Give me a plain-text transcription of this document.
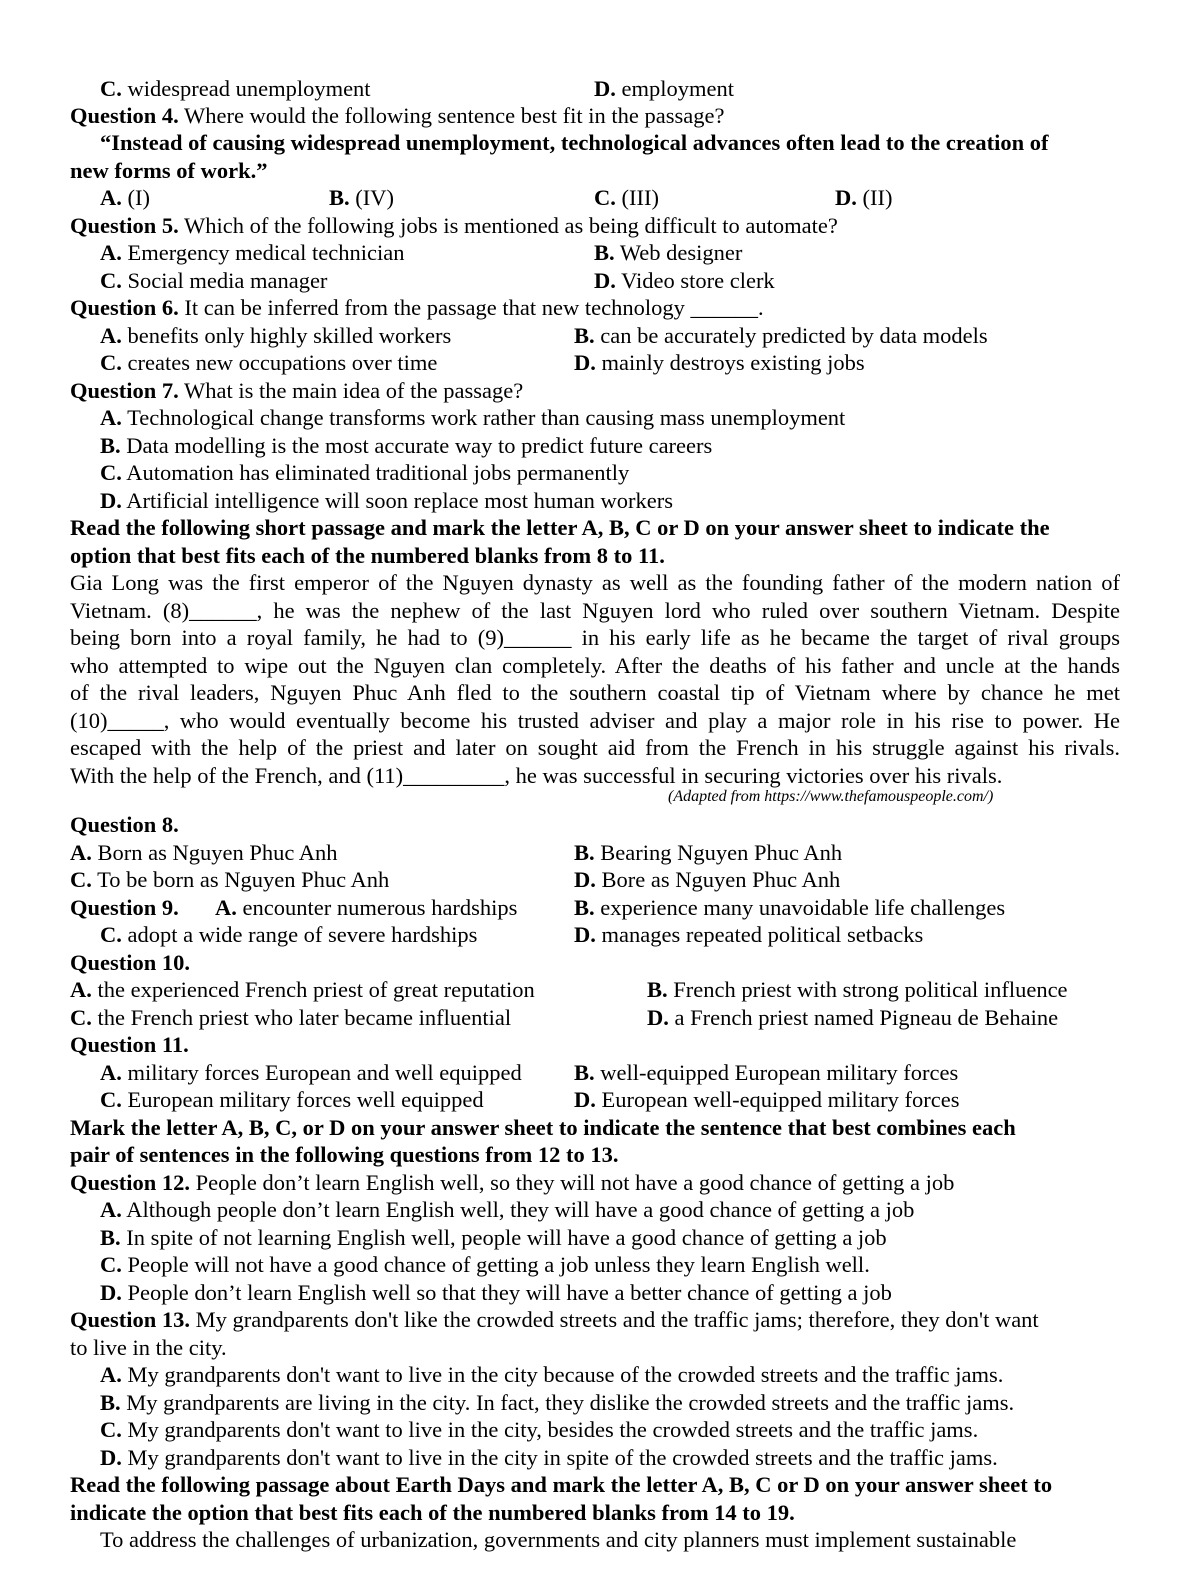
C. widespread unemployment	D. employment
Question 4. Where would the following sentence best fit in the passage?
“Instead of causing widespread unemployment, technological advances often lead to the creation of
new forms of work.”
A. (I)	B. (IV)	C. (III)	D. (II)
Question 5. Which of the following jobs is mentioned as being difficult to automate?
A. Emergency medical technician	B. Web designer
C. Social media manager	D. Video store clerk
Question 6. It can be inferred from the passage that new technology ______.
A. benefits only highly skilled workers	B. can be accurately predicted by data models
C. creates new occupations over time	D. mainly destroys existing jobs
Question 7. What is the main idea of the passage?
A. Technological change transforms work rather than causing mass unemployment
B. Data modelling is the most accurate way to predict future careers
C. Automation has eliminated traditional jobs permanently
D. Artificial intelligence will soon replace most human workers
Read the following short passage and mark the letter A, B, C or D on your answer sheet to indicate the
option that best fits each of the numbered blanks from 8 to 11.
Gia Long was the first emperor of the Nguyen dynasty as well as the founding father of the modern nation of
Vietnam. (8)______, he was the nephew of the last Nguyen lord who ruled over southern Vietnam. Despite
being born into a royal family, he had to (9)______ in his early life as he became the target of rival groups
who attempted to wipe out the Nguyen clan completely. After the deaths of his father and uncle at the hands
of the rival leaders, Nguyen Phuc Anh fled to the southern coastal tip of Vietnam where by chance he met
(10)_____, who would eventually become his trusted adviser and play a major role in his rise to power. He
escaped with the help of the priest and later on sought aid from the French in his struggle against his rivals.
With the help of the French, and (11)_________, he was successful in securing victories over his rivals.
(Adapted from https://www.thefamouspeople.com/)
Question 8.
A. Born as Nguyen Phuc Anh	B. Bearing Nguyen Phuc Anh
C. To be born as Nguyen Phuc Anh	D. Bore as Nguyen Phuc Anh
Question 9. A. encounter numerous hardships	B. experience many unavoidable life challenges
C. adopt a wide range of severe hardships	D. manages repeated political setbacks
Question 10.
A. the experienced French priest of great reputation	B. French priest with strong political influence
C. the French priest who later became influential	D. a French priest named Pigneau de Behaine
Question 11.
A. military forces European and well equipped B. well-equipped European military forces
C. European military forces well equipped	D. European well-equipped military forces
Mark the letter A, B, C, or D on your answer sheet to indicate the sentence that best combines each
pair of sentences in the following questions from 12 to 13.
Question 12. People don’t learn English well, so they will not have a good chance of getting a job
A. Although people don’t learn English well, they will have a good chance of getting a job
B. In spite of not learning English well, people will have a good chance of getting a job
C. People will not have a good chance of getting a job unless they learn English well.
D. People don’t learn English well so that they will have a better chance of getting a job
Question 13. My grandparents don't like the crowded streets and the traffic jams; therefore, they don't want
to live in the city.
A. My grandparents don't want to live in the city because of the crowded streets and the traffic jams.
B. My grandparents are living in the city. In fact, they dislike the crowded streets and the traffic jams.
C. My grandparents don't want to live in the city, besides the crowded streets and the traffic jams.
D. My grandparents don't want to live in the city in spite of the crowded streets and the traffic jams.
Read the following passage about Earth Days and mark the letter A, B, C or D on your answer sheet to
indicate the option that best fits each of the numbered blanks from 14 to 19.
To address the challenges of urbanization, governments and city planners must implement sustainable
